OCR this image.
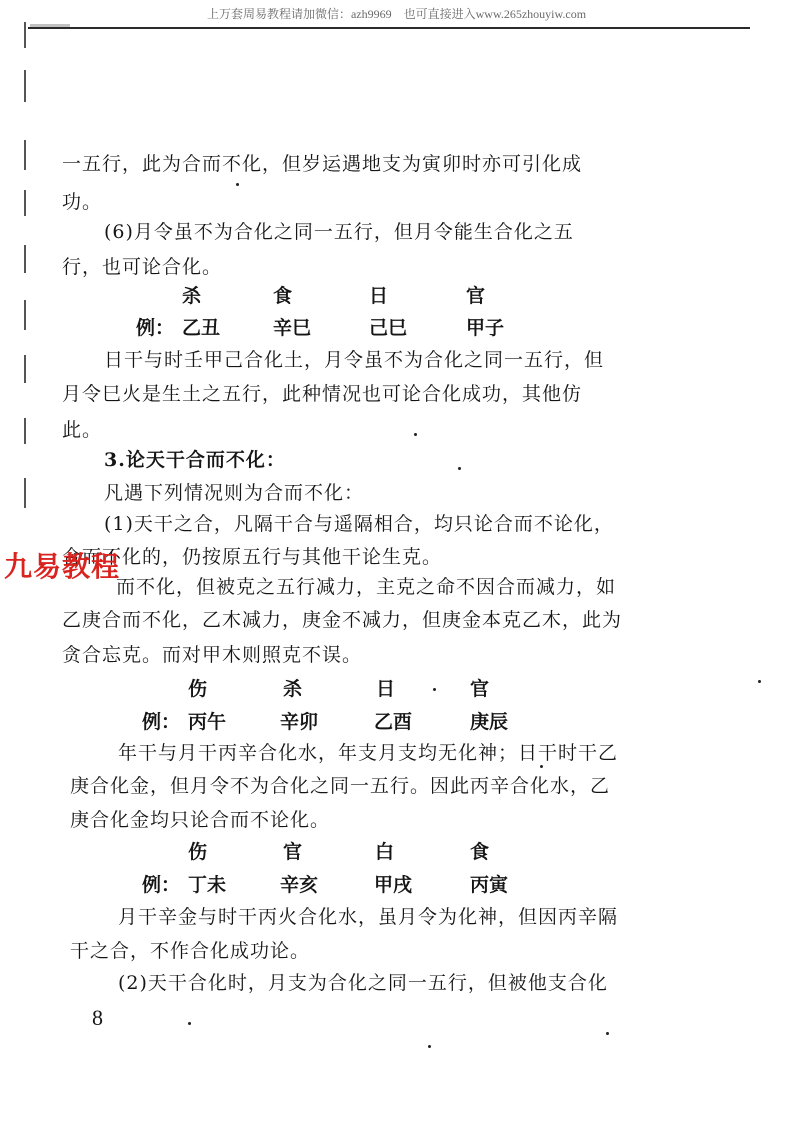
上万套周易教程请加微信：azh9969　也可直接进入www.265zhouyiw.com
一五行，此为合而不化，但岁运遇地支为寅卯时亦可引化成
功。
(6)月令虽不为合化之同一五行，但月令能生合化之五
行，也可论合化。
杀	食	日	官
例： 乙丑	辛巳	己巳	甲子
日干与时壬甲己合化土，月令虽不为合化之同一五行，但
月令巳火是生土之五行，此种情况也可论合化成功，其他仿
此。
3.论天干合而不化：
凡遇下列情况则为合而不化：
(1)天干之合，凡隔干合与遥隔相合，均只论合而不论化，
合而不化的，仍按原五行与其他干论生克。
而不化，但被克之五行减力，主克之命不因合而减力，如
乙庚合而不化，乙木减力，庚金不减力，但庚金本克乙木，此为
贪合忘克。而对甲木则照克不误。
伤	杀	日	官
例： 丙午	辛卯	乙酉	庚辰
年干与月干丙辛合化水，年支月支均无化神；日干时干乙
庚合化金，但月令不为合化之同一五行。因此丙辛合化水，乙
庚合化金均只论合而不论化。
伤	官	白	食
例： 丁未	辛亥	甲戌	丙寅
月干辛金与时干丙火合化水，虽月令为化神，但因丙辛隔
干之合，不作合化成功论。
(2)天干合化时，月支为合化之同一五行，但被他支合化
九易教程
8
